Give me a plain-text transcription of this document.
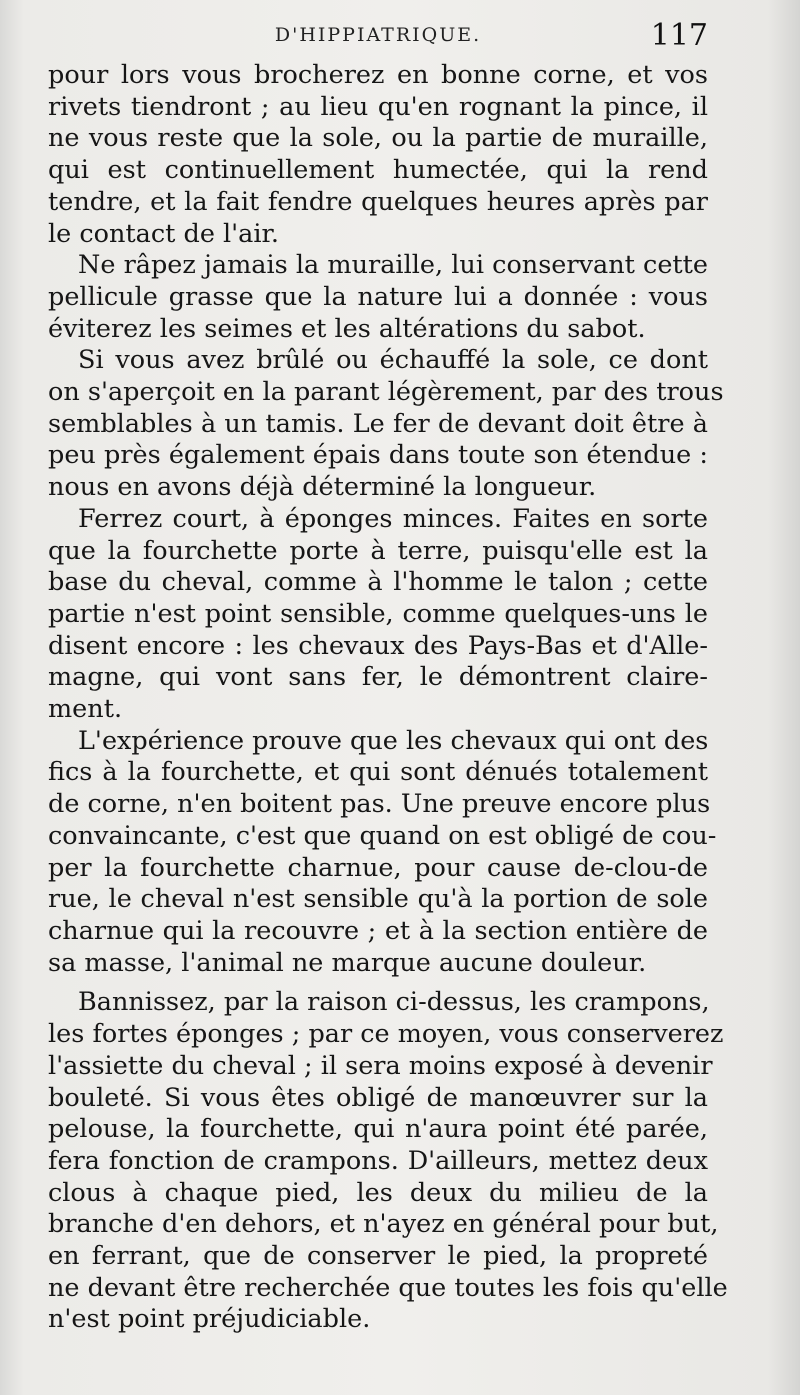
D'HIPPIATRIQUE.	117

pour lors vous brocherez en bonne corne, et vos
rivets tiendront ; au lieu qu'en rognant la pince, il
ne vous reste que la sole, ou la partie de muraille,
qui est continuellement humectée, qui la rend
tendre, et la fait fendre quelques heures après par
le contact de l'air.

Ne râpez jamais la muraille, lui conservant cette
pellicule grasse que la nature lui a donnée : vous
éviterez les seimes et les altérations du sabot.

Si vous avez brûlé ou échauffé la sole, ce dont
on s'aperçoit en la parant légèrement, par des trous
semblables à un tamis. Le fer de devant doit être à
peu près également épais dans toute son étendue :
nous en avons déjà déterminé la longueur.

Ferrez court, à éponges minces. Faites en sorte
que la fourchette porte à terre, puisqu'elle est la
base du cheval, comme à l'homme le talon ; cette
partie n'est point sensible, comme quelques-uns le
disent encore : les chevaux des Pays-Bas et d'Alle-
magne, qui vont sans fer, le démontrent claire-
ment.

L'expérience prouve que les chevaux qui ont des
fics à la fourchette, et qui sont dénués totalement
de corne, n'en boitent pas. Une preuve encore plus
convaincante, c'est que quand on est obligé de cou-
per la fourchette charnue, pour cause de-clou-de
rue, le cheval n'est sensible qu'à la portion de sole
charnue qui la recouvre ; et à la section entière de
sa masse, l'animal ne marque aucune douleur.

Bannissez, par la raison ci-dessus, les crampons,
les fortes éponges ; par ce moyen, vous conserverez
l'assiette du cheval ; il sera moins exposé à devenir
bouleté. Si vous êtes obligé de manœuvrer sur la
pelouse, la fourchette, qui n'aura point été parée,
fera fonction de crampons. D'ailleurs, mettez deux
clous à chaque pied, les deux du milieu de la
branche d'en dehors, et n'ayez en général pour but,
en ferrant, que de conserver le pied, la propreté
ne devant être recherchée que toutes les fois qu'elle
n'est point préjudiciable.
